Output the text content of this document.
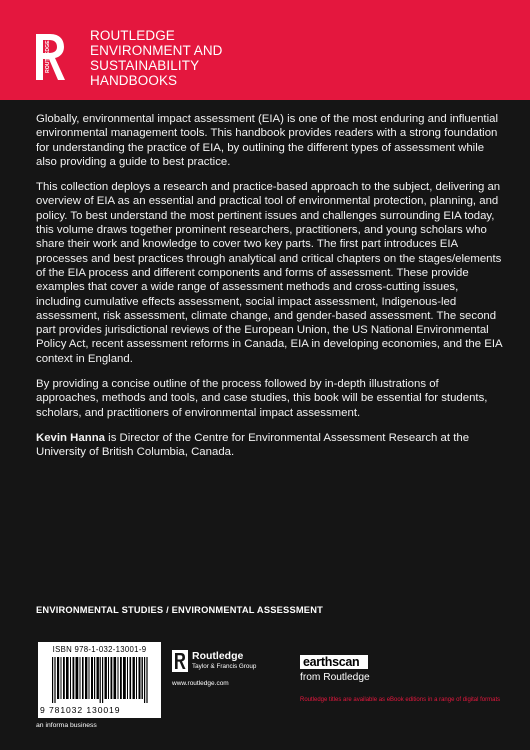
ROUTLEDGE
ROUTLEDGE
ENVIRONMENT AND
SUSTAINABILITY
HANDBOOKS

Globally, environmental impact assessment (EIA) is one of the most enduring and influential environmental management tools. This handbook provides readers with a strong foundation for understanding the practice of EIA, by outlining the different types of assessment while also providing a guide to best practice.

This collection deploys a research and practice-based approach to the subject, delivering an overview of EIA as an essential and practical tool of environmental protection, planning, and policy. To best understand the most pertinent issues and challenges surrounding EIA today, this volume draws together prominent researchers, practitioners, and young scholars who share their work and knowledge to cover two key parts. The first part introduces EIA processes and best practices through analytical and critical chapters on the stages/elements of the EIA process and different components and forms of assessment. These provide examples that cover a wide range of assessment methods and cross-cutting issues, including cumulative effects assessment, social impact assessment, Indigenous-led assessment, risk assessment, climate change, and gender-based assessment. The second part provides jurisdictional reviews of the European Union, the US National Environmental Policy Act, recent assessment reforms in Canada, EIA in developing economies, and the EIA context in England.

By providing a concise outline of the process followed by in-depth illustrations of approaches, methods and tools, and case studies, this book will be essential for students, scholars, and practitioners of environmental impact assessment.

Kevin Hanna is Director of the Centre for Environmental Assessment Research at the University of British Columbia, Canada.

ENVIRONMENTAL STUDIES / ENVIRONMENTAL ASSESSMENT
ISBN 978-1-032-13001-9
9 781032 130019
an informa business
Routledge
Taylor & Francis Group
www.routledge.com
earthscan
from Routledge
Routledge titles are available as eBook editions in a range of digital formats
